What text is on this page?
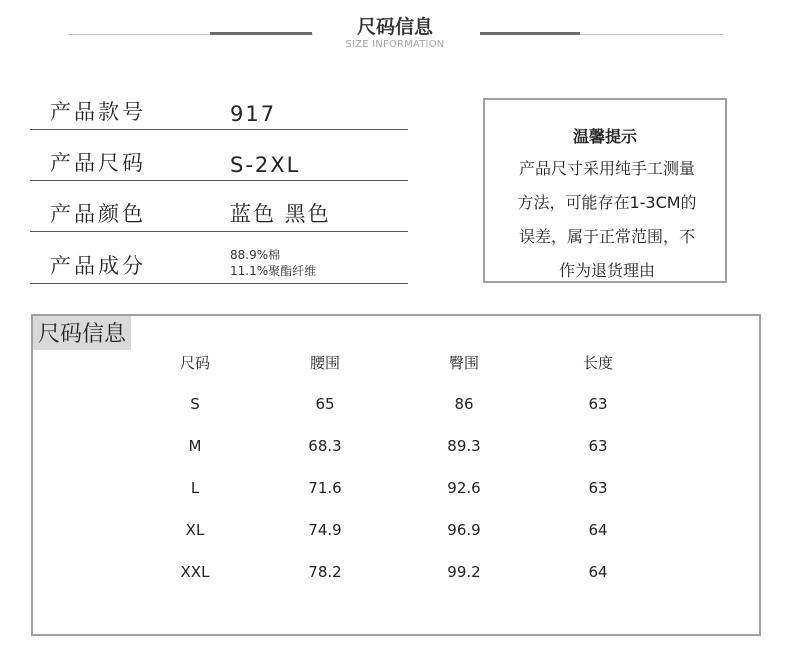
尺码信息
SIZE INFORMATION
产品款号	917
产品尺码	S-2XL
产品颜色	蓝色 黑色
产品成分	88.9%棉
11.1%聚酯纤维
温馨提示
产品尺寸采用纯手工测量
方法，可能存在1-3CM的
误差，属于正常范围，不
作为退货理由
尺码信息
尺码	腰围	臀围	长度
S	65	86	63
M	68.3	89.3	63
L	71.6	92.6	63
XL	74.9	96.9	64
XXL	78.2	99.2	64
